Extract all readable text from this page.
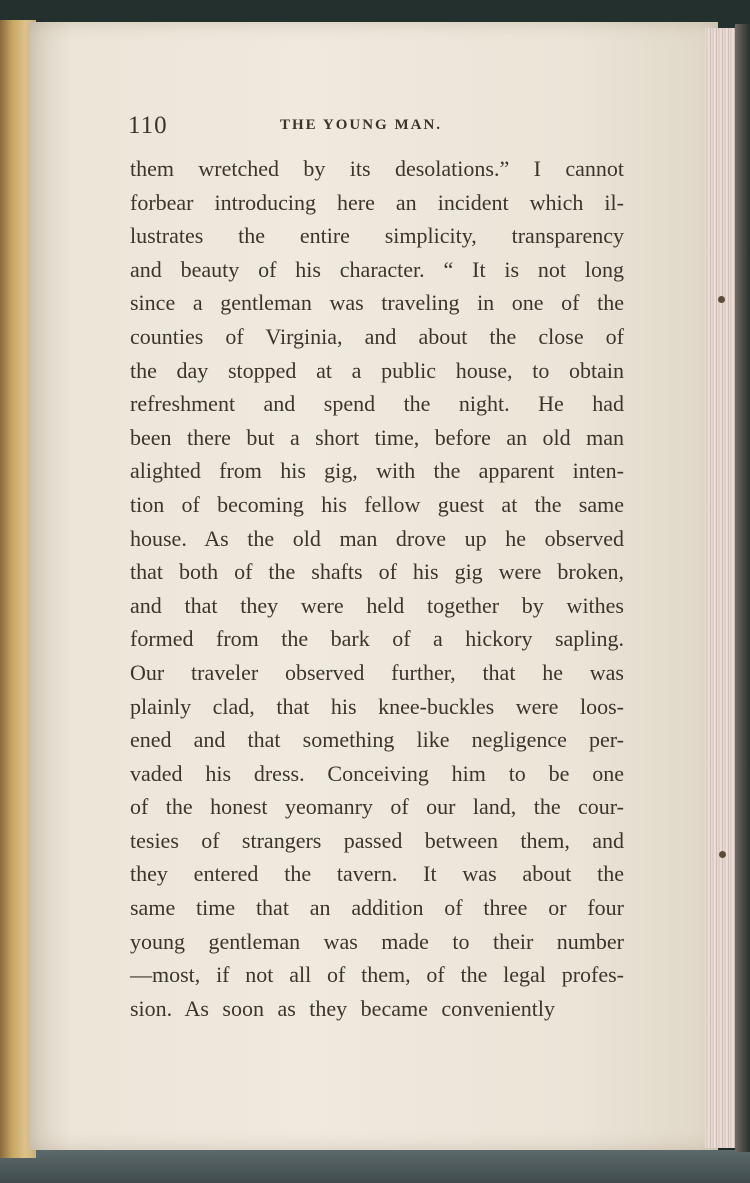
110	THE YOUNG MAN.
them wretched by its desolations.” I cannot
forbear introducing here an incident which il-
lustrates the entire simplicity, transparency
and beauty of his character. “ It is not long
since a gentleman was traveling in one of the
counties of Virginia, and about the close of
the day stopped at a public house, to obtain
refreshment and spend the night. He had
been there but a short time, before an old man
alighted from his gig, with the apparent inten-
tion of becoming his fellow guest at the same
house. As the old man drove up he observed
that both of the shafts of his gig were broken,
and that they were held together by withes
formed from the bark of a hickory sapling.
Our traveler observed further, that he was
plainly clad, that his knee-buckles were loos-
ened and that something like negligence per-
vaded his dress. Conceiving him to be one
of the honest yeomanry of our land, the cour-
tesies of strangers passed between them, and
they entered the tavern. It was about the
same time that an addition of three or four
young gentleman was made to their number
—most, if not all of them, of the legal profes-
sion. As soon as they became conveniently
